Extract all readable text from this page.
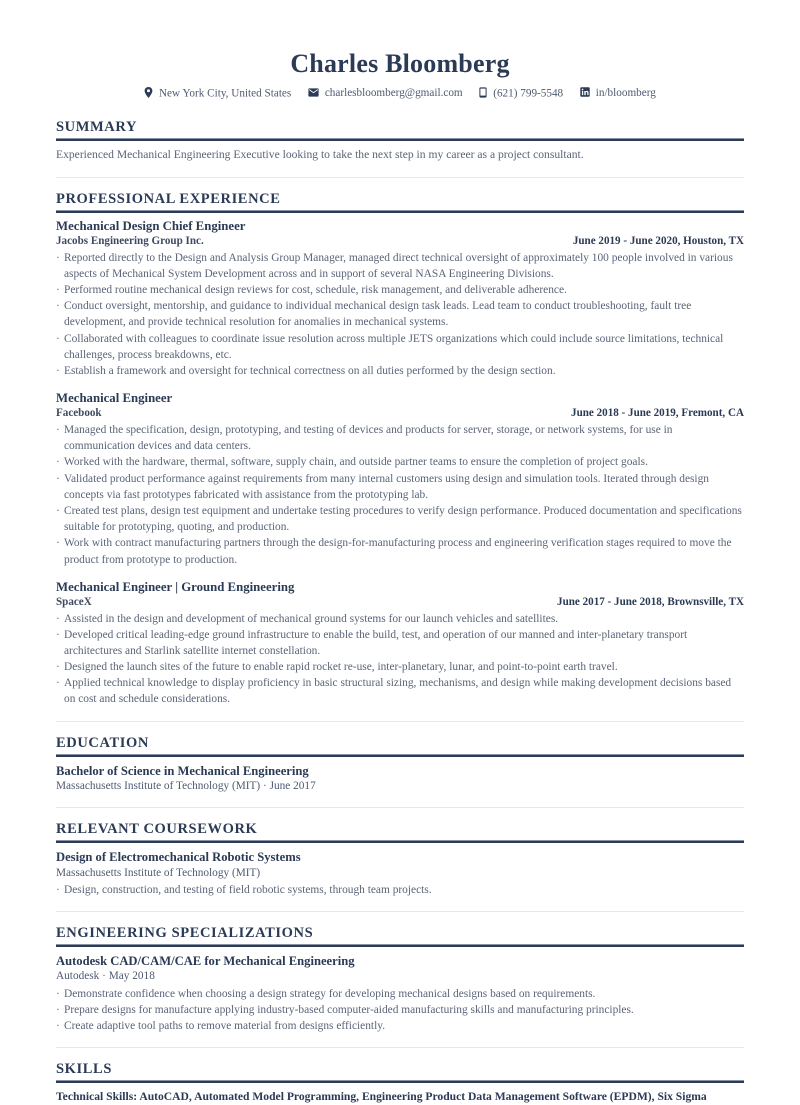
Charles Bloomberg
New York City, United States	charlesbloomberg@gmail.com	(621) 799-5548	in/bloomberg
SUMMARY
Experienced Mechanical Engineering Executive looking to take the next step in my career as a project consultant.
PROFESSIONAL EXPERIENCE
Mechanical Design Chief Engineer
Jacobs Engineering Group Inc.	June 2019 - June 2020, Houston, TX
· Reported directly to the Design and Analysis Group Manager, managed direct technical oversight of approximately 100 people involved in various aspects of Mechanical System Development across and in support of several NASA Engineering Divisions.
· Performed routine mechanical design reviews for cost, schedule, risk management, and deliverable adherence.
· Conduct oversight, mentorship, and guidance to individual mechanical design task leads. Lead team to conduct troubleshooting, fault tree development, and provide technical resolution for anomalies in mechanical systems.
· Collaborated with colleagues to coordinate issue resolution across multiple JETS organizations which could include source limitations, technical challenges, process breakdowns, etc.
· Establish a framework and oversight for technical correctness on all duties performed by the design section.
Mechanical Engineer
Facebook	June 2018 - June 2019, Fremont, CA
· Managed the specification, design, prototyping, and testing of devices and products for server, storage, or network systems, for use in communication devices and data centers.
· Worked with the hardware, thermal, software, supply chain, and outside partner teams to ensure the completion of project goals.
· Validated product performance against requirements from many internal customers using design and simulation tools. Iterated through design concepts via fast prototypes fabricated with assistance from the prototyping lab.
· Created test plans, design test equipment and undertake testing procedures to verify design performance. Produced documentation and specifications suitable for prototyping, quoting, and production.
· Work with contract manufacturing partners through the design-for-manufacturing process and engineering verification stages required to move the product from prototype to production.
Mechanical Engineer | Ground Engineering
SpaceX	June 2017 - June 2018, Brownsville, TX
· Assisted in the design and development of mechanical ground systems for our launch vehicles and satellites.
· Developed critical leading-edge ground infrastructure to enable the build, test, and operation of our manned and inter-planetary transport architectures and Starlink satellite internet constellation.
· Designed the launch sites of the future to enable rapid rocket re-use, inter-planetary, lunar, and point-to-point earth travel.
· Applied technical knowledge to display proficiency in basic structural sizing, mechanisms, and design while making development decisions based on cost and schedule considerations.
EDUCATION
Bachelor of Science in Mechanical Engineering
Massachusetts Institute of Technology (MIT) · June 2017
RELEVANT COURSEWORK
Design of Electromechanical Robotic Systems
Massachusetts Institute of Technology (MIT)
· Design, construction, and testing of field robotic systems, through team projects.
ENGINEERING SPECIALIZATIONS
Autodesk CAD/CAM/CAE for Mechanical Engineering
Autodesk · May 2018
· Demonstrate confidence when choosing a design strategy for developing mechanical designs based on requirements.
· Prepare designs for manufacture applying industry-based computer-aided manufacturing skills and manufacturing principles.
· Create adaptive tool paths to remove material from designs efficiently.
SKILLS
Technical Skills: AutoCAD, Automated Model Programming, Engineering Product Data Management Software (EPDM), Six Sigma
